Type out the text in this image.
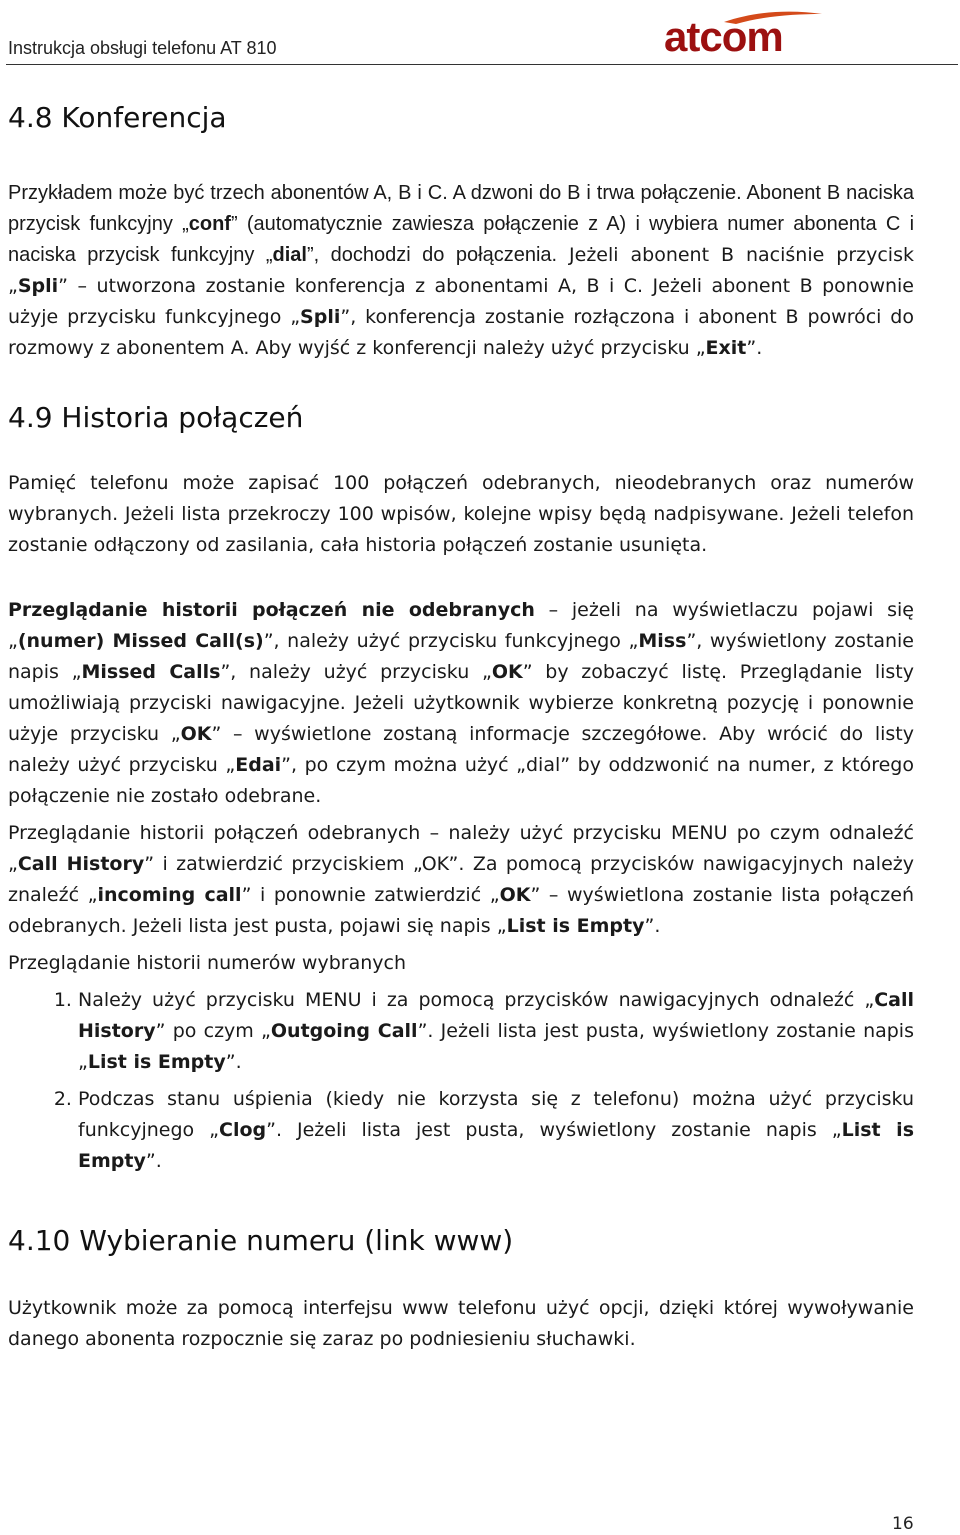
Instrukcja obsługi telefonu AT 810	atcom
4.8 Konferencja

Przykładem może być trzech abonentów A, B i C. A dzwoni do B i trwa połączenie. Abonent B naciska przycisk funkcyjny „conf” (automatycznie zawiesza połączenie z A) i wybiera numer abonenta C i naciska przycisk funkcyjny „dial”, dochodzi do połączenia. Jeżeli abonent B naciśnie przycisk „Spli” – utworzona zostanie konferencja z abonentami A, B i C. Jeżeli abonent B ponownie użyje przycisku funkcyjnego „Spli”, konferencja zostanie rozłączona i abonent B powróci do rozmowy z abonentem A. Aby wyjść z konferencji należy użyć przycisku „Exit”.

4.9 Historia połączeń

Pamięć telefonu może zapisać 100 połączeń odebranych, nieodebranych oraz numerów wybranych. Jeżeli lista przekroczy 100 wpisów, kolejne wpisy będą nadpisywane. Jeżeli telefon zostanie odłączony od zasilania, cała historia połączeń zostanie usunięta.

Przeglądanie historii połączeń nie odebranych – jeżeli na wyświetlaczu pojawi się „(numer) Missed Call(s)”, należy użyć przycisku funkcyjnego „Miss”, wyświetlony zostanie napis „Missed Calls”, należy użyć przycisku „OK” by zobaczyć listę. Przeglądanie listy umożliwiają przyciski nawigacyjne. Jeżeli użytkownik wybierze konkretną pozycję i ponownie użyje przycisku „OK” – wyświetlone zostaną informacje szczegółowe. Aby wrócić do listy należy użyć przycisku „Edai”, po czym można użyć „dial” by oddzwonić na numer, z którego połączenie nie zostało odebrane.

Przeglądanie historii połączeń odebranych – należy użyć przycisku MENU po czym odnaleźć „Call History” i zatwierdzić przyciskiem „OK”. Za pomocą przycisków nawigacyjnych należy znaleźć „incoming call” i ponownie zatwierdzić „OK” – wyświetlona zostanie lista połączeń odebranych. Jeżeli lista jest pusta, pojawi się napis „List is Empty”.

Przeglądanie historii numerów wybranych

1. Należy użyć przycisku MENU i za pomocą przycisków nawigacyjnych odnaleźć „Call History” po czym „Outgoing Call”. Jeżeli lista jest pusta, wyświetlony zostanie napis „List is Empty”.
2. Podczas stanu uśpienia (kiedy nie korzysta się z telefonu) można użyć przycisku funkcyjnego „Clog”. Jeżeli lista jest pusta, wyświetlony zostanie napis „List is Empty”.
4.10 Wybieranie numeru (link www)

Użytkownik może za pomocą interfejsu www telefonu użyć opcji, dzięki której wywoływanie danego abonenta rozpocznie się zaraz po podniesieniu słuchawki.

16
